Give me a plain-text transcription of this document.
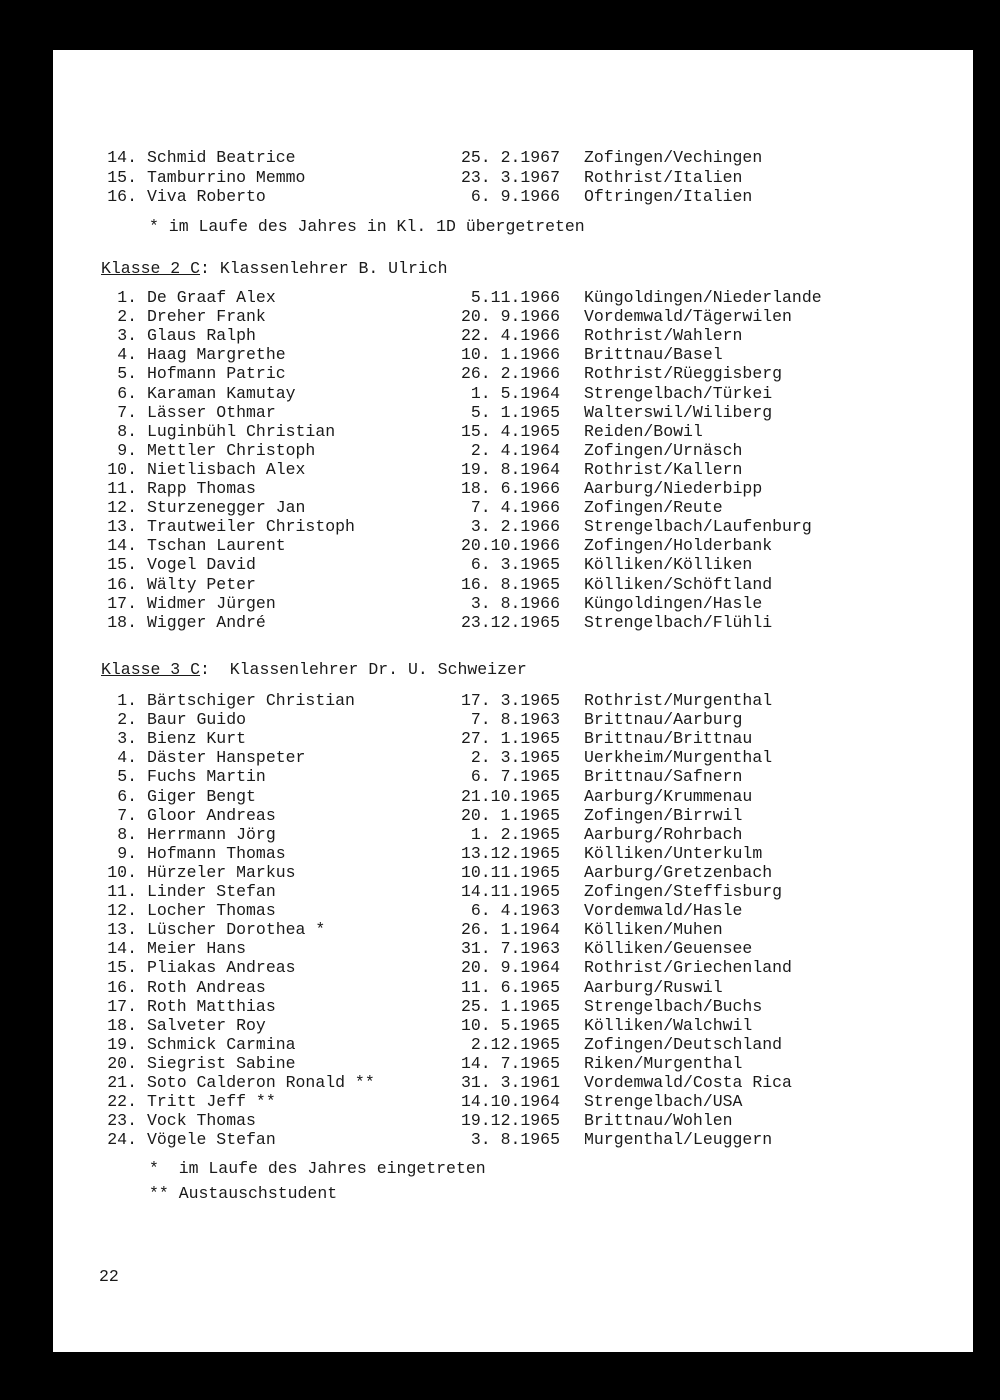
14. Schmid Beatrice	25. 2.1967 Zofingen/Vechingen
15. Tamburrino Memmo	23. 3.1967 Rothrist/Italien
16. Viva Roberto	6. 9.1966 Oftringen/Italien
* im Laufe des Jahres in Kl. 1D übergetreten
Klasse 2 C: Klassenlehrer B. Ulrich
1. De Graaf Alex	5.11.1966 Küngoldingen/Niederlande
2. Dreher Frank	20. 9.1966 Vordemwald/Tägerwilen
3. Glaus Ralph	22. 4.1966 Rothrist/Wahlern
4. Haag Margrethe	10. 1.1966 Brittnau/Basel
5. Hofmann Patric	26. 2.1966 Rothrist/Rüeggisberg
6. Karaman Kamutay	1. 5.1964 Strengelbach/Türkei
7. Lässer Othmar	5. 1.1965 Walterswil/Wiliberg
8. Luginbühl Christian	15. 4.1965 Reiden/Bowil
9. Mettler Christoph	2. 4.1964 Zofingen/Urnäsch
10. Nietlisbach Alex	19. 8.1964 Rothrist/Kallern
11. Rapp Thomas	18. 6.1966 Aarburg/Niederbipp
12. Sturzenegger Jan	7. 4.1966 Zofingen/Reute
13. Trautweiler Christoph	3. 2.1966 Strengelbach/Laufenburg
14. Tschan Laurent	20.10.1966 Zofingen/Holderbank
15. Vogel David	6. 3.1965 Kölliken/Kölliken
16. Wälty Peter	16. 8.1965 Kölliken/Schöftland
17. Widmer Jürgen	3. 8.1966 Küngoldingen/Hasle
18. Wigger André	23.12.1965 Strengelbach/Flühli
Klasse 3 C:  Klassenlehrer Dr. U. Schweizer
1. Bärtschiger Christian	17. 3.1965 Rothrist/Murgenthal
2. Baur Guido	7. 8.1963 Brittnau/Aarburg
3. Bienz Kurt	27. 1.1965 Brittnau/Brittnau
4. Däster Hanspeter	2. 3.1965 Uerkheim/Murgenthal
5. Fuchs Martin	6. 7.1965 Brittnau/Safnern
6. Giger Bengt	21.10.1965 Aarburg/Krummenau
7. Gloor Andreas	20. 1.1965 Zofingen/Birrwil
8. Herrmann Jörg	1. 2.1965 Aarburg/Rohrbach
9. Hofmann Thomas	13.12.1965 Kölliken/Unterkulm
10. Hürzeler Markus	10.11.1965 Aarburg/Gretzenbach
11. Linder Stefan	14.11.1965 Zofingen/Steffisburg
12. Locher Thomas	6. 4.1963 Vordemwald/Hasle
13. Lüscher Dorothea *	26. 1.1964 Kölliken/Muhen
14. Meier Hans	31. 7.1963 Kölliken/Geuensee
15. Pliakas Andreas	20. 9.1964 Rothrist/Griechenland
16. Roth Andreas	11. 6.1965 Aarburg/Ruswil
17. Roth Matthias	25. 1.1965 Strengelbach/Buchs
18. Salveter Roy	10. 5.1965 Kölliken/Walchwil
19. Schmick Carmina	2.12.1965 Zofingen/Deutschland
20. Siegrist Sabine	14. 7.1965 Riken/Murgenthal
21. Soto Calderon Ronald **	31. 3.1961 Vordemwald/Costa Rica
22. Tritt Jeff **	14.10.1964 Strengelbach/USA
23. Vock Thomas	19.12.1965 Brittnau/Wohlen
24. Vögele Stefan	3. 8.1965 Murgenthal/Leuggern
*  im Laufe des Jahres eingetreten
** Austauschstudent
22
